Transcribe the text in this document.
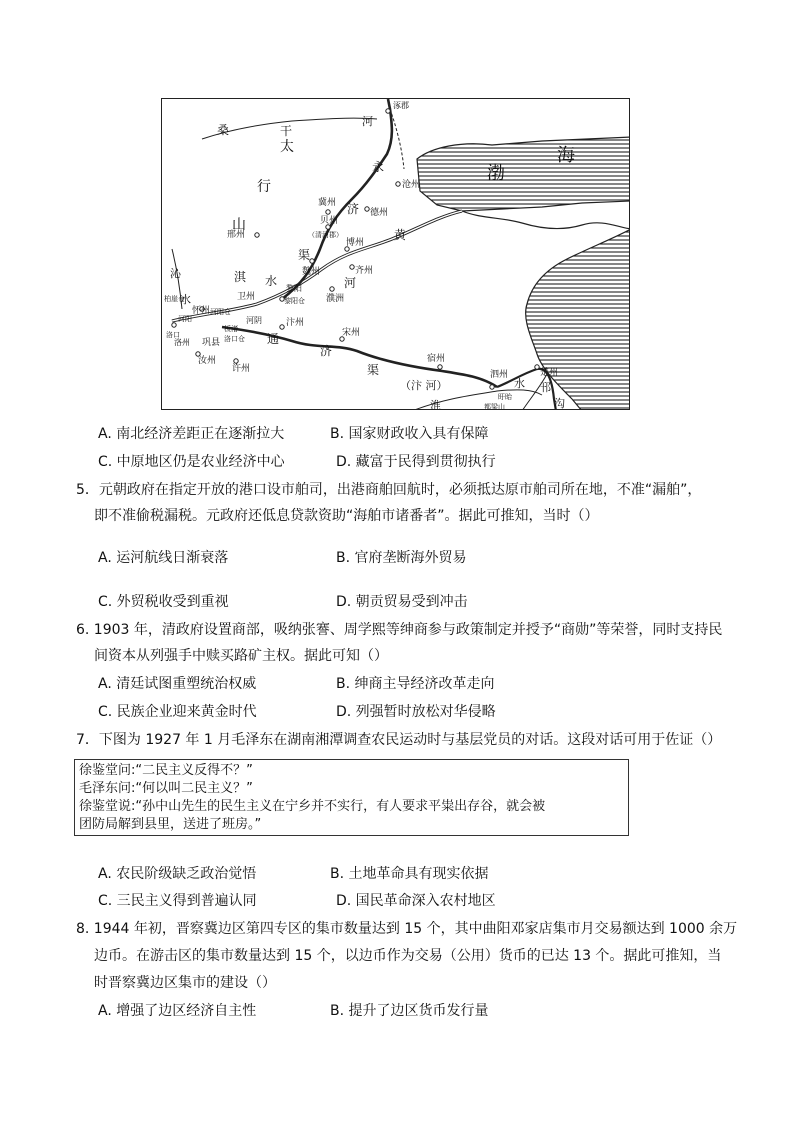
渤
海
太
行
山
桑	干
永
济
渠
淇 水
黄
河
沁
水
通
济
渠
（汴 河）
淮
水
河
沟
邗
涿郡
沧州
冀州
德州
贝州
（清河郡）
邢州
博州
魏州	齐州
濮洲
黎阳
黎阳仓
卫州
怀州 河阳仓
汴州
宋州
许州
汝州
洛州 巩县 洛口仓
板渚
河阴
宿州
泗州
盱眙
都梁山
楚州
洛口
河阳
柏崖仓
A. 南北经济差距正在逐渐拉大	B. 国家财政收入具有保障
C. 中原地区仍是农业经济中心	D. 藏富于民得到贯彻执行
5．元朝政府在指定开放的港口设市舶司，出港商舶回航时，必须抵达原市舶司所在地，不准“漏舶”，
即不准偷税漏税。元政府还低息贷款资助“海舶市诸番者”。据此可推知，当时（）
A. 运河航线日渐衰落	B. 官府垄断海外贸易
C. 外贸税收受到重视	D. 朝贡贸易受到冲击
6. 1903 年，清政府设置商部，吸纳张謇、周学熙等绅商参与政策制定并授予“商勋”等荣誉，同时支持民
间资本从列强手中赎买路矿主权。据此可知（）
A. 清廷试图重塑统治权威	B. 绅商主导经济改革走向
C. 民族企业迎来黄金时代	D. 列强暂时放松对华侵略
7．下图为 1927 年 1 月毛泽东在湖南湘潭调查农民运动时与基层党员的对话。这段对话可用于佐证（）
徐鉴堂问:“二民主义反得不？”
毛泽东问:“何以叫二民主义？”
徐鉴堂说:“孙中山先生的民生主义在宁乡并不实行，有人要求平粜出存谷，就会被
团防局解到县里，送进了班房。”
A. 农民阶级缺乏政治觉悟	B. 土地革命具有现实依据
C. 三民主义得到普遍认同	D. 国民革命深入农村地区
8. 1944 年初，晋察冀边区第四专区的集市数量达到 15 个，其中曲阳邓家店集市月交易额达到 1000 余万
边币。在游击区的集市数量达到 15 个，以边币作为交易（公用）货币的已达 13 个。据此可推知，当
时晋察冀边区集市的建设（）
A. 增强了边区经济自主性	B. 提升了边区货币发行量
